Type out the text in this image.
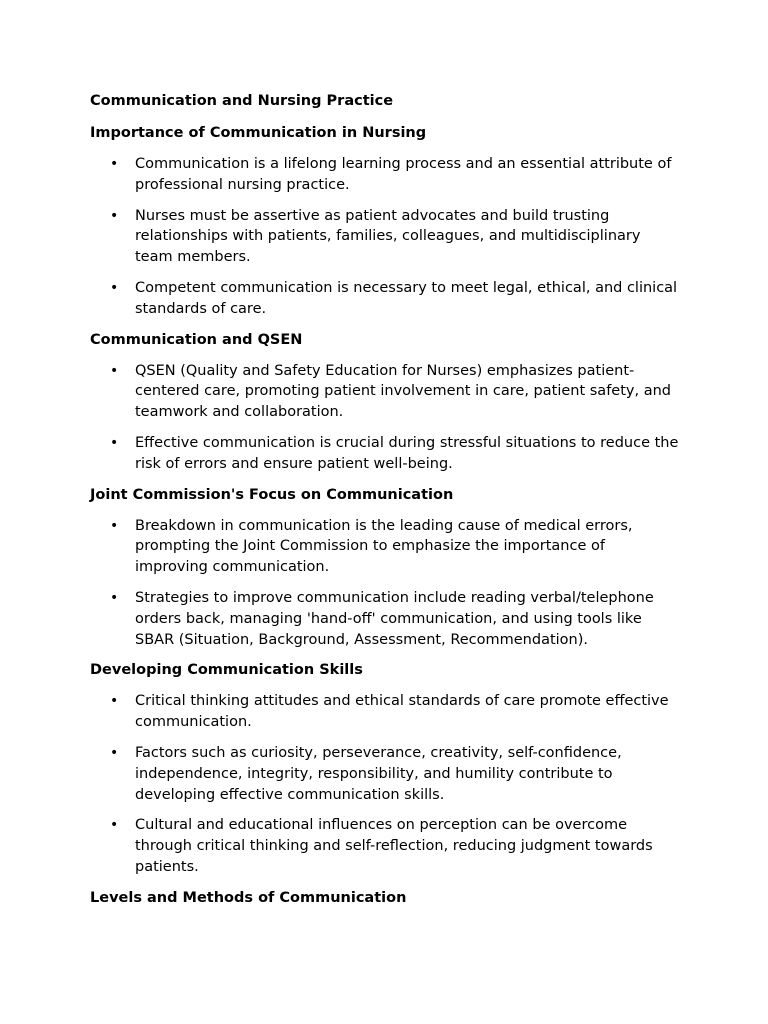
Communication and Nursing Practice
Importance of Communication in Nursing
• Communication is a lifelong learning process and an essential attribute of professional nursing practice.
• Nurses must be assertive as patient advocates and build trusting relationships with patients, families, colleagues, and multidisciplinary team members.
• Competent communication is necessary to meet legal, ethical, and clinical standards of care.
Communication and QSEN
• QSEN (Quality and Safety Education for Nurses) emphasizes patient-centered care, promoting patient involvement in care, patient safety, and teamwork and collaboration.
• Effective communication is crucial during stressful situations to reduce the risk of errors and ensure patient well-being.
Joint Commission's Focus on Communication
• Breakdown in communication is the leading cause of medical errors, prompting the Joint Commission to emphasize the importance of improving communication.
• Strategies to improve communication include reading verbal/telephone orders back, managing 'hand-off' communication, and using tools like SBAR (Situation, Background, Assessment, Recommendation).
Developing Communication Skills
• Critical thinking attitudes and ethical standards of care promote effective communication.
• Factors such as curiosity, perseverance, creativity, self-confidence, independence, integrity, responsibility, and humility contribute to developing effective communication skills.
• Cultural and educational influences on perception can be overcome through critical thinking and self-reflection, reducing judgment towards patients.
Levels and Methods of Communication
